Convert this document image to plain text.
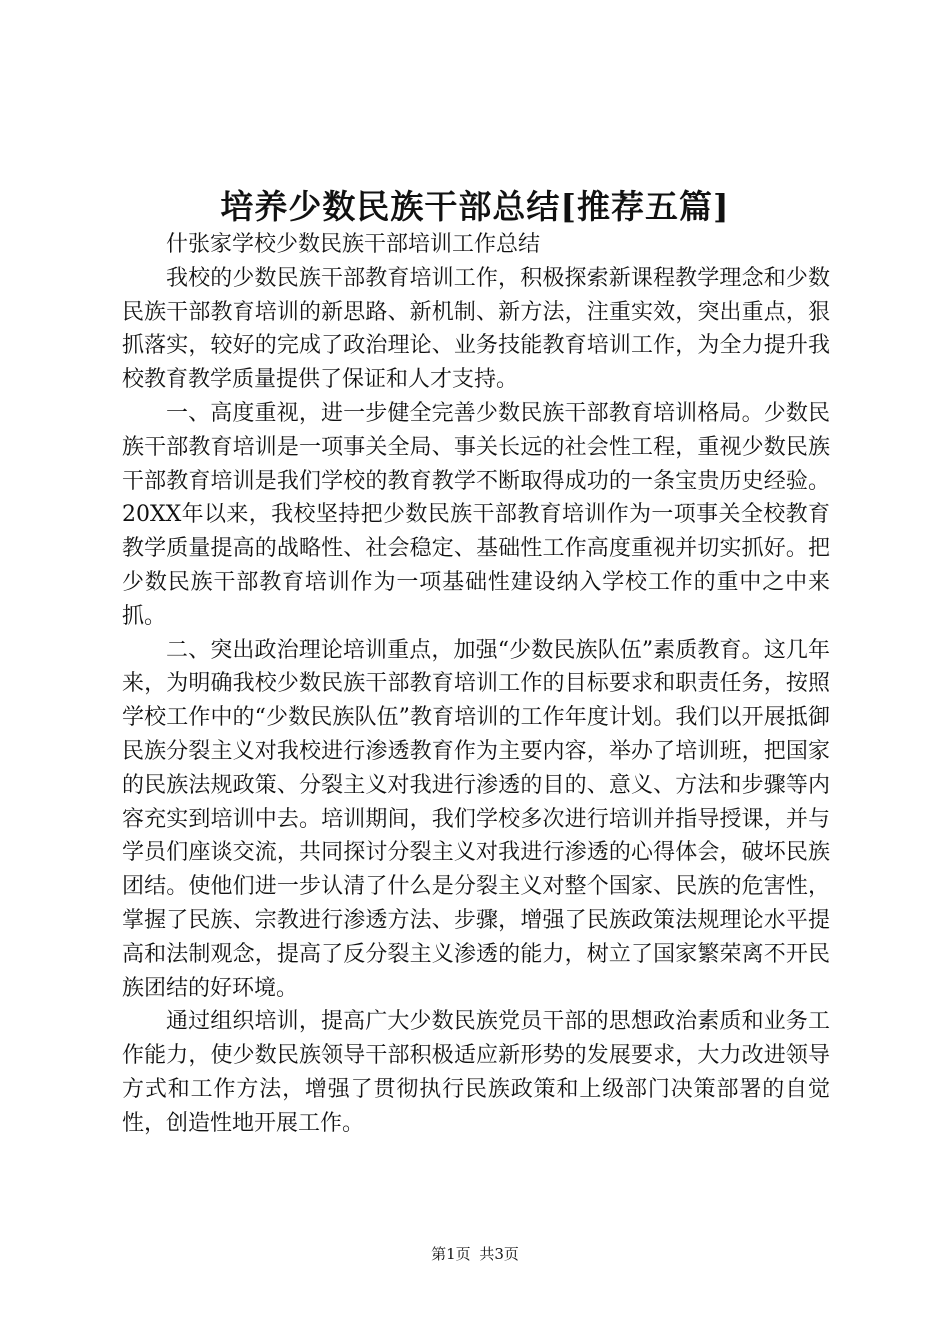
培养少数民族干部总结[推荐五篇]

什张家学校少数民族干部培训工作总结

我校的少数民族干部教育培训工作，积极探索新课程教学理念和少数民族干部教育培训的新思路、新机制、新方法，注重实效，突出重点，狠抓落实，较好的完成了政治理论、业务技能教育培训工作，为全力提升我校教育教学质量提供了保证和人才支持。

一、高度重视，进一步健全完善少数民族干部教育培训格局。少数民族干部教育培训是一项事关全局、事关长远的社会性工程，重视少数民族干部教育培训是我们学校的教育教学不断取得成功的一条宝贵历史经验。20XX年以来，我校坚持把少数民族干部教育培训作为一项事关全校教育教学质量提高的战略性、社会稳定、基础性工作高度重视并切实抓好。把少数民族干部教育培训作为一项基础性建设纳入学校工作的重中之中来抓。

二、突出政治理论培训重点，加强“少数民族队伍”素质教育。这几年来，为明确我校少数民族干部教育培训工作的目标要求和职责任务，按照学校工作中的“少数民族队伍”教育培训的工作年度计划。我们以开展抵御民族分裂主义对我校进行渗透教育作为主要内容，举办了培训班，把国家的民族法规政策、分裂主义对我进行渗透的目的、意义、方法和步骤等内容充实到培训中去。培训期间，我们学校多次进行培训并指导授课，并与学员们座谈交流，共同探讨分裂主义对我进行渗透的心得体会，破坏民族团结。使他们进一步认清了什么是分裂主义对整个国家、民族的危害性，掌握了民族、宗教进行渗透方法、步骤，增强了民族政策法规理论水平提高和法制观念，提高了反分裂主义渗透的能力，树立了国家繁荣离不开民族团结的好环境。

通过组织培训，提高广大少数民族党员干部的思想政治素质和业务工作能力，使少数民族领导干部积极适应新形势的发展要求，大力改进领导方式和工作方法，增强了贯彻执行民族政策和上级部门决策部署的自觉性，创造性地开展工作。

第1页 共3页
